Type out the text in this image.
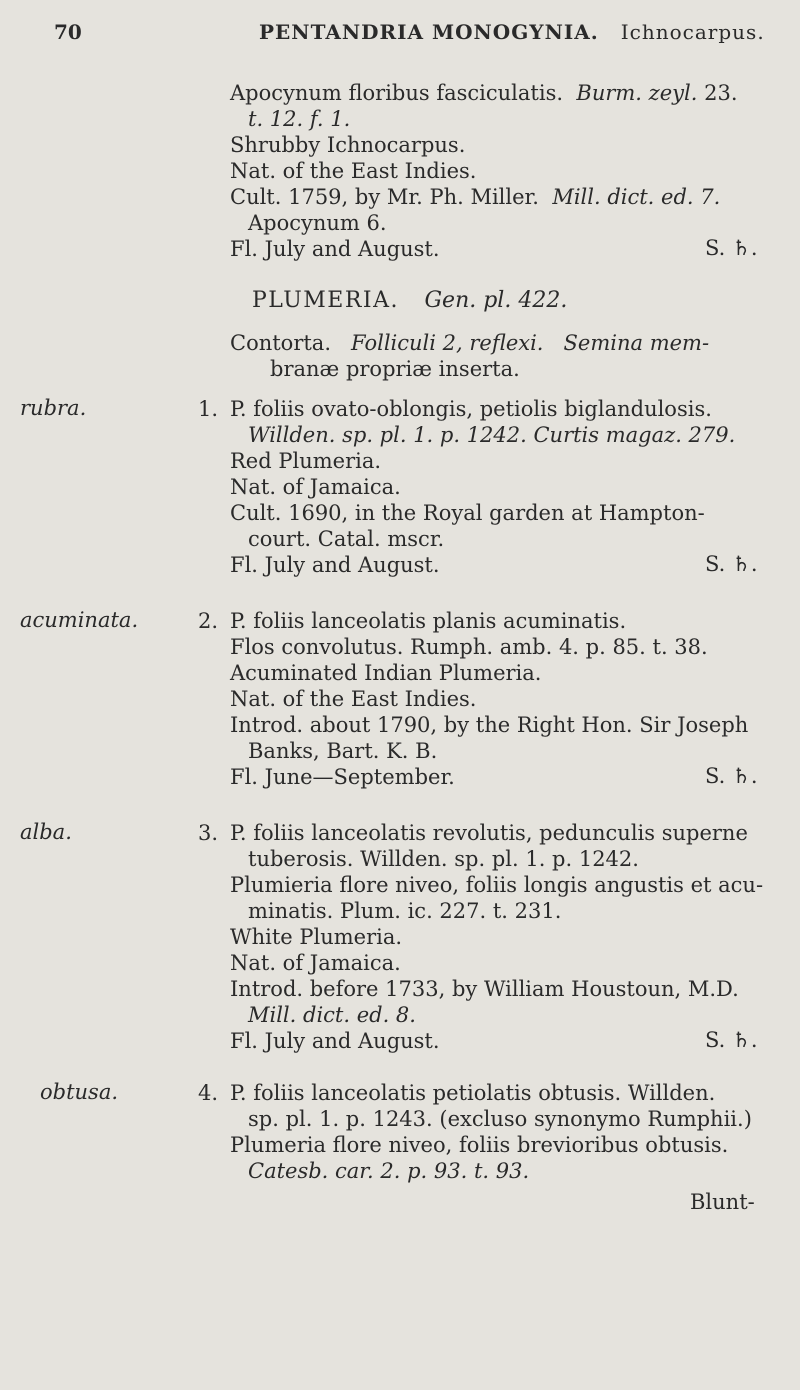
70	PENTANDRIA MONOGYNIA. Ichnocarpus.
Apocynum floribus fasciculatis. Burm. zeyl. 23.
t. 12. f. 1.
Shrubby Ichnocarpus.
Nat. of the East Indies.
Cult. 1759, by Mr. Ph. Miller. Mill. dict. ed. 7.
Apocynum 6.
Fl. July and August.	S. ♄.
PLUMERIA. Gen. pl. 422.
Contorta. Folliculi 2, reflexi. Semina mem-
branæ propriæ inserta.
rubra.	1. P. foliis ovato-oblongis, petiolis biglandulosis.
Willden. sp. pl. 1. p. 1242. Curtis magaz. 279.
Red Plumeria.
Nat. of Jamaica.
Cult. 1690, in the Royal garden at Hampton-
court. Catal. mscr.
Fl. July and August.	S. ♄.
acuminata.	2. P. foliis lanceolatis planis acuminatis.
Flos convolutus. Rumph. amb. 4. p. 85. t. 38.
Acuminated Indian Plumeria.
Nat. of the East Indies.
Introd. about 1790, by the Right Hon. Sir Joseph
Banks, Bart. K. B.
Fl. June—September.	S. ♄.
alba.	3. P. foliis lanceolatis revolutis, pedunculis superne
tuberosis. Willden. sp. pl. 1. p. 1242.
Plumieria flore niveo, foliis longis angustis et acu-
minatis. Plum. ic. 227. t. 231.
White Plumeria.
Nat. of Jamaica.
Introd. before 1733, by William Houstoun, M.D.
Mill. dict. ed. 8.
Fl. July and August.	S. ♄.
obtusa.	4. P. foliis lanceolatis petiolatis obtusis. Willden.
sp. pl. 1. p. 1243. (excluso synonymo Rumphii.)
Plumeria flore niveo, foliis brevioribus obtusis.
Catesb. car. 2. p. 93. t. 93.
Blunt-
